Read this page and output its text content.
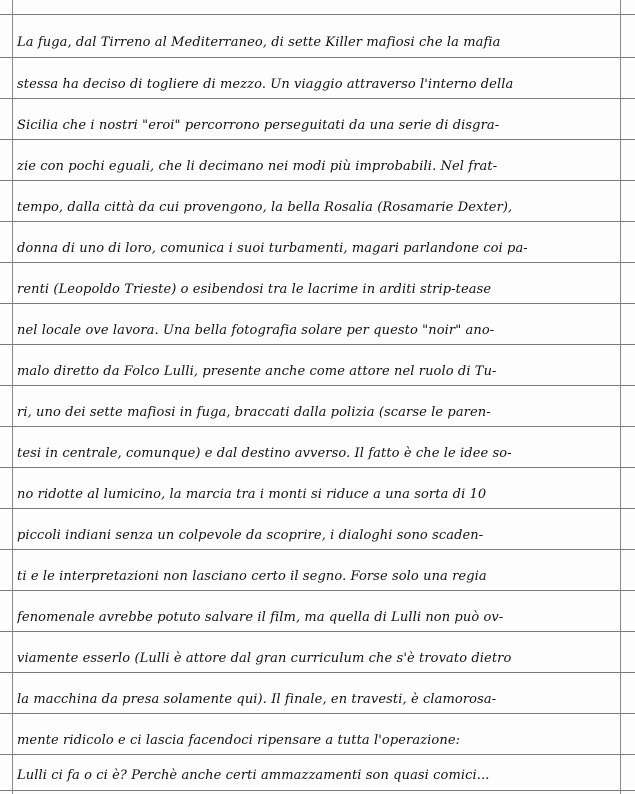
La fuga, dal Tirreno al Mediterraneo, di sette Killer mafiosi che la mafia
stessa ha deciso di togliere di mezzo. Un viaggio attraverso l'interno della
Sicilia che i nostri "eroi" percorrono perseguitati da una serie di disgra-
zie con pochi eguali, che li decimano nei modi più improbabili. Nel frat-
tempo, dalla città da cui provengono, la bella Rosalia (Rosamarie Dexter),
donna di uno di loro, comunica i suoi turbamenti, magari parlandone coi pa-
renti (Leopoldo Trieste) o esibendosi tra le lacrime in arditi strip-tease
nel locale ove lavora. Una bella fotografia solare per questo "noir" ano-
malo diretto da Folco Lulli, presente anche come attore nel ruolo di Tu-
ri, uno dei sette mafiosi in fuga, braccati dalla polizia (scarse le paren-
tesi in centrale, comunque) e dal destino avverso. Il fatto è che le idee so-
no ridotte al lumicino, la marcia tra i monti si riduce a una sorta di 10
piccoli indiani senza un colpevole da scoprire, i dialoghi sono scaden-
ti e le interpretazioni non lasciano certo il segno. Forse solo una regia
fenomenale avrebbe potuto salvare il film, ma quella di Lulli non può ov-
viamente esserlo (Lulli è attore dal gran curriculum che s'è trovato dietro
la macchina da presa solamente qui). Il finale, en travesti, è clamorosa-
mente ridicolo e ci lascia facendoci ripensare a tutta l'operazione:
Lulli ci fa o ci è? Perchè anche certi ammazzamenti son quasi comici...
